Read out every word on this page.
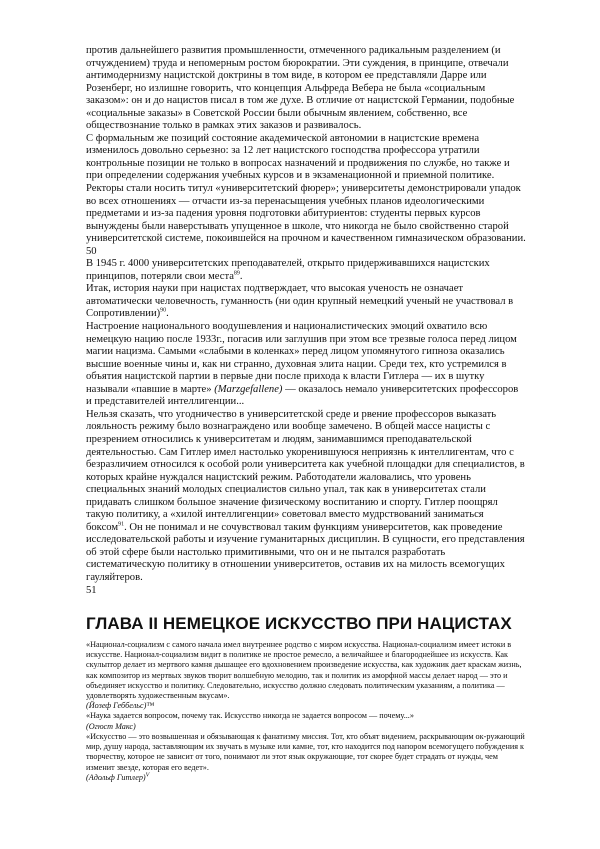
против дальнейшего развития промышленности, отмеченного радикальным разделением (и отчуждением) труда и непомерным ростом бюрократии. Эти суждения, в принципе, отвечали антимодернизму нацистской доктрины в том виде, в котором ее представляли Дарре или Розенберг, но излишне говорить, что концепция Альфреда Вебера не была «социальным заказом»: он и до нацистов писал в том же духе. В отличие от нацистской Германии, подобные «социальные заказы» в Советской России были обычным явлением, собственно, все обществознание только в рамках этих заказов и развивалось.

С формальным же позиций состояние академической автономии в нацистские времена изменилось довольно серьезно: за 12 лет нацистского господства профессора утратили контрольные позиции не только в вопросах назначений и продвижения по службе, но также и при определении содержания учебных курсов и в экзаменационной и приемной политике. Ректоры стали носить титул «университетский фюрер»; университеты демонстрировали упадок во всех отношениях — отчасти из-за перенасыщения учебных планов идеологическими предметами и из-за падения уровня подготовки абитуриентов: студенты первых курсов вынуждены были наверстывать упущенное в школе, что никогда не было свойственно старой университетской системе, покоившейся на прочном и качественном гимназическом образовании.

50

В 1945 г. 4000 университетских преподавателей, открыто придерживавшихся нацистских принципов, потеряли свои места$^{89}$.

Итак, история науки при нацистах подтверждает, что высокая ученость не означает автоматически человечность, гуманность (ни один крупный немецкий ученый не участвовал в Сопротивлении)$^{90}$.

Настроение национального воодушевления и националистических эмоций охватило всю немецкую нацию после 1933г., погасив или заглушив при этом все трезвые голоса перед лицом магии нацизма. Самыми «слабыми в коленках» перед лицом упомянутого гипноза оказались высшие военные чины и, как ни странно, духовная элита нации. Среди тех, кто устремился в объятия нацистской партии в первые дни после прихода к власти Гитлера — их в шутку называли «павшие в марте» (Marzgefallene) — оказалось немало университетских профессоров и представителей интеллигенции...

Нельзя сказать, что угодничество в университетской среде и рвение профессоров выказать лояльность режиму было вознаграждено или вообще замечено. В общей массе нацисты с презрением относились к университетам и людям, занимавшимся преподавательской деятельностью. Сам Гитлер имел настолько укоренившуюся неприязнь к интеллигентам, что с безразличием относился к особой роли университета как учебной площадки для специалистов, в которых крайне нуждался нацистский режим. Работодатели жаловались, что уровень специальных знаний молодых специалистов сильно упал, так как в университетах стали придавать слишком большое значение физическому воспитанию и спорту. Гитлер поощрял такую политику, а «хилой интеллигенции» советовал вместо мудрствований заниматься боксом$^{91}$. Он не понимал и не сочувствовал таким функциям университетов, как проведение исследовательской работы и изучение гуманитарных дисциплин. В сущности, его представления об этой сфере были настолько примитивными, что он и не пытался разработать систематическую политику в отношении университетов, оставив их на милость всемогущих гауляйтеров.

51

ГЛАВА II НЕМЕЦКОЕ ИСКУССТВО ПРИ НАЦИСТАХ

«Национал-социализм с самого начала имел внутреннее родство с миром искусства. Национал-социализм имеет истоки в искусстве. Национал-социализм видит в политике не простое ремесло, а величайшее и благороднейшее из искусств. Как скульптор делает из мертвого камня дышащее его вдохновением произведение искусства, как художник дает краскам жизнь, как композитор из мертвых звуков творит волшебную мелодию, так и политик из аморфной массы делает народ — это и объединяет искусство и политику. Следовательно, искусство должно следовать политическим указаниям, а политика — удовлетворять художественным вкусам».

(Йозеф Геббельс)™

«Наука задается вопросом, почему так. Искусство никогда не задается вопросом — почему...»

(Огюст Макс)

«Искусство — это возвышенная и обязывающая к фанатизму миссия. Тот, кто объят видением, раскрывающим ок-ружающий мир, душу народа, заставляющим их звучать в музыке или камне, тот, кто находится под напором всемогущего побуждения к творчеству, которое не зависит от того, понимают ли этот язык окружающие, тот скорее будет страдать от нужды, чем изменит звезде, которая его ведет».

(Адольф Гитлер)$^V$
